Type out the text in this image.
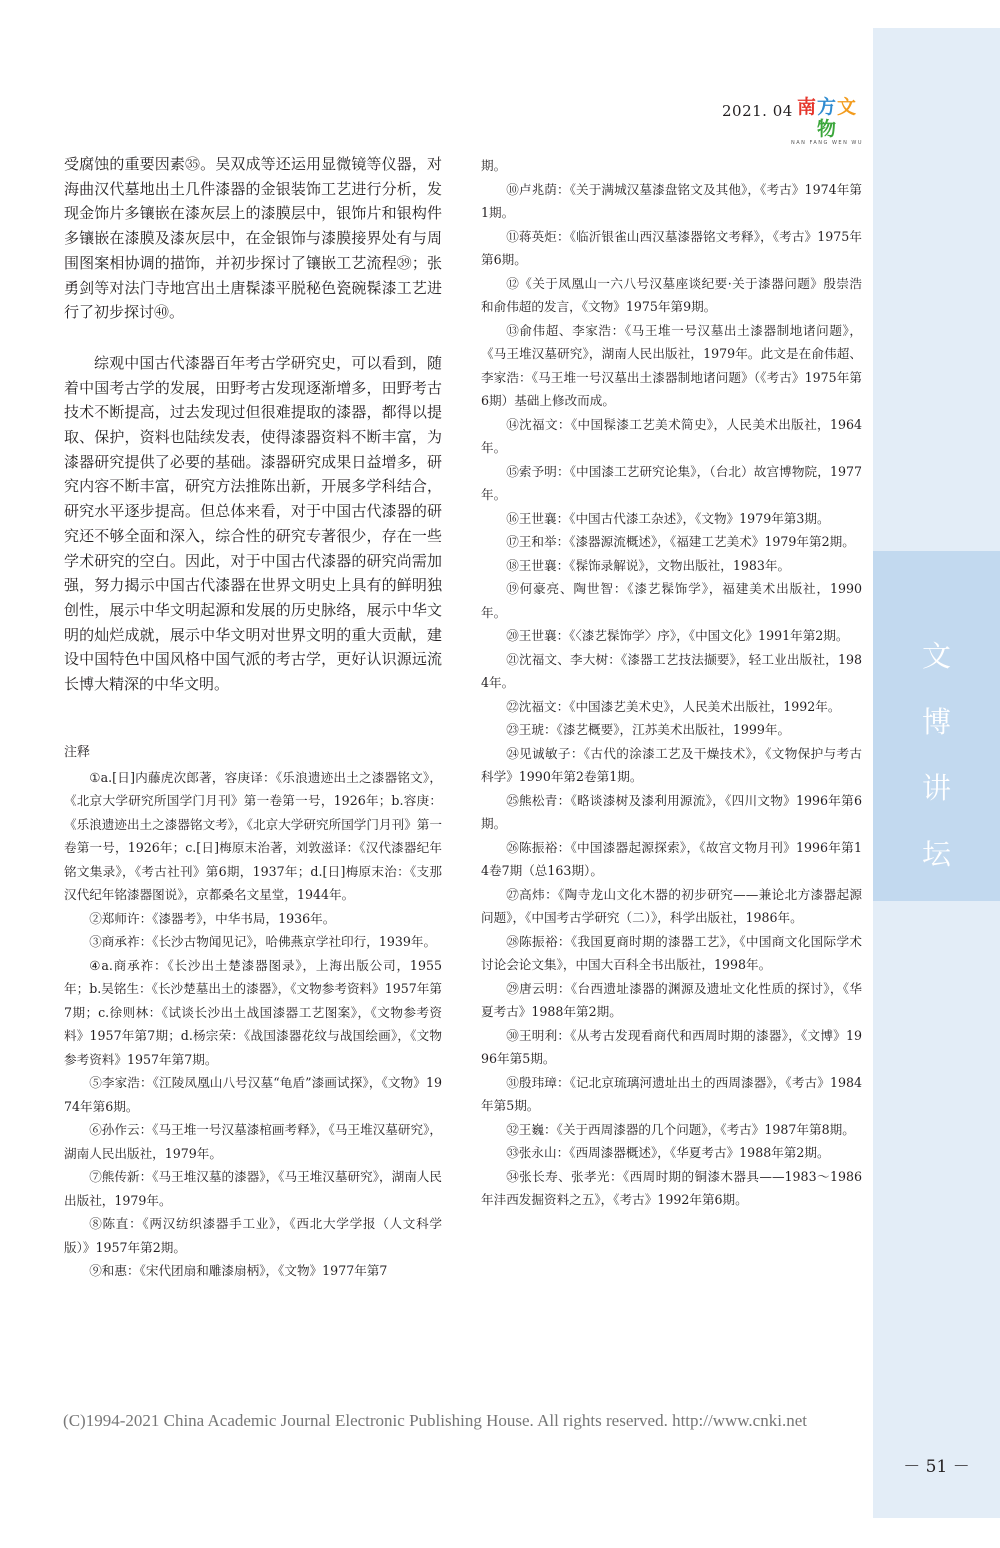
文
博
讲
坛
2021. 04 南方文物
NAN FANG WEN WU

受腐蚀的重要因素㉟。吴双成等还运用显微镜等仪器，对海曲汉代墓地出土几件漆器的金银装饰工艺进行分析，发现金饰片多镶嵌在漆灰层上的漆膜层中，银饰片和银构件多镶嵌在漆膜及漆灰层中，在金银饰与漆膜接界处有与周围图案相协调的描饰，并初步探讨了镶嵌工艺流程㊴；张勇剑等对法门寺地宫出土唐髹漆平脱秘色瓷碗髹漆工艺进行了初步探讨㊵。

综观中国古代漆器百年考古学研究史，可以看到，随着中国考古学的发展，田野考古发现逐渐增多，田野考古技术不断提高，过去发现过但很难提取的漆器，都得以提取、保护，资料也陆续发表，使得漆器资料不断丰富，为漆器研究提供了必要的基础。漆器研究成果日益增多，研究内容不断丰富，研究方法推陈出新，开展多学科结合，研究水平逐步提高。但总体来看，对于中国古代漆器的研究还不够全面和深入，综合性的研究专著很少，存在一些学术研究的空白。因此，对于中国古代漆器的研究尚需加强，努力揭示中国古代漆器在世界文明史上具有的鲜明独创性，展示中华文明起源和发展的历史脉络，展示中华文明的灿烂成就，展示中华文明对世界文明的重大贡献，建设中国特色中国风格中国气派的考古学，更好认识源远流长博大精深的中华文明。

注释

①a.[日]内藤虎次郎著，容庚译：《乐浪遗迹出土之漆器铭文》，《北京大学研究所国学门月刊》第一卷第一号，1926年；b.容庚：《乐浪遗迹出土之漆器铭文考》，《北京大学研究所国学门月刊》第一卷第一号，1926年；c.[日]梅原末治著，刘敦滋译：《汉代漆器纪年铭文集录》，《考古社刊》第6期，1937年；d.[日]梅原末治：《支那汉代纪年铭漆器图说》，京都桑名文星堂，1944年。

②郑师许：《漆器考》，中华书局，1936年。

③商承祚：《长沙古物闻见记》，哈佛燕京学社印行，1939年。

④a.商承祚：《长沙出土楚漆器图录》，上海出版公司，1955年；b.吴铭生：《长沙楚墓出土的漆器》，《文物参考资料》1957年第7期；c.徐则林：《试谈长沙出土战国漆器工艺图案》，《文物参考资料》1957年第7期；d.杨宗荣：《战国漆器花纹与战国绘画》，《文物参考资料》1957年第7期。

⑤李家浩：《江陵凤凰山八号汉墓“龟盾”漆画试探》，《文物》1974年第6期。

⑥孙作云：《马王堆一号汉墓漆棺画考释》，《马王堆汉墓研究》，湖南人民出版社，1979年。

⑦熊传新：《马王堆汉墓的漆器》，《马王堆汉墓研究》，湖南人民出版社，1979年。

⑧陈直：《两汉纺织漆器手工业》，《西北大学学报（人文科学版）》1957年第2期。

⑨和惠：《宋代团扇和雕漆扇柄》，《文物》1977年第7

期。

⑩卢兆荫：《关于满城汉墓漆盘铭文及其他》，《考古》1974年第1期。

⑪蒋英炬：《临沂银雀山西汉墓漆器铭文考释》，《考古》1975年第6期。

⑫《关于凤凰山一六八号汉墓座谈纪要·关于漆器问题》殷崇浩和俞伟超的发言，《文物》1975年第9期。

⑬俞伟超、李家浩：《马王堆一号汉墓出土漆器制地诸问题》，《马王堆汉墓研究》，湖南人民出版社，1979年。此文是在俞伟超、李家浩：《马王堆一号汉墓出土漆器制地诸问题》（《考古》1975年第6期）基础上修改而成。

⑭沈福文：《中国髹漆工艺美术简史》，人民美术出版社，1964年。

⑮索予明：《中国漆工艺研究论集》，（台北）故宫博物院，1977年。

⑯王世襄：《中国古代漆工杂述》，《文物》1979年第3期。

⑰王和举：《漆器源流概述》，《福建工艺美术》1979年第2期。

⑱王世襄：《髹饰录解说》，文物出版社，1983年。

⑲何豪亮、陶世智：《漆艺髹饰学》，福建美术出版社，1990年。

⑳王世襄：《〈漆艺髹饰学〉序》，《中国文化》1991年第2期。

㉑沈福文、李大树：《漆器工艺技法撷要》，轻工业出版社，1984年。

㉒沈福文：《中国漆艺美术史》，人民美术出版社，1992年。

㉓王琥：《漆艺概要》，江苏美术出版社，1999年。

㉔见诚敏子：《古代的涂漆工艺及干燥技术》，《文物保护与考古科学》1990年第2卷第1期。

㉕熊松青：《略谈漆树及漆利用源流》，《四川文物》1996年第6期。

㉖陈振裕：《中国漆器起源探索》，《故宫文物月刊》1996年第14卷7期（总163期）。

㉗高炜：《陶寺龙山文化木器的初步研究——兼论北方漆器起源问题》，《中国考古学研究（二）》，科学出版社，1986年。

㉘陈振裕：《我国夏商时期的漆器工艺》，《中国商文化国际学术讨论会论文集》，中国大百科全书出版社，1998年。

㉙唐云明：《台西遗址漆器的渊源及遗址文化性质的探讨》，《华夏考古》1988年第2期。

㉚王明利：《从考古发现看商代和西周时期的漆器》，《文博》1996年第5期。

㉛殷玮璋：《记北京琉璃河遗址出土的西周漆器》，《考古》1984年第5期。

㉜王巍：《关于西周漆器的几个问题》，《考古》1987年第8期。

㉝张永山：《西周漆器概述》，《华夏考古》1988年第2期。

㉞张长寿、张孝光：《西周时期的铜漆木器具——1983～1986年沣西发掘资料之五》，《考古》1992年第6期。

(C)1994-2021 China Academic Journal Electronic Publishing House. All rights reserved. http://www.cnki.net
－ 51 －
